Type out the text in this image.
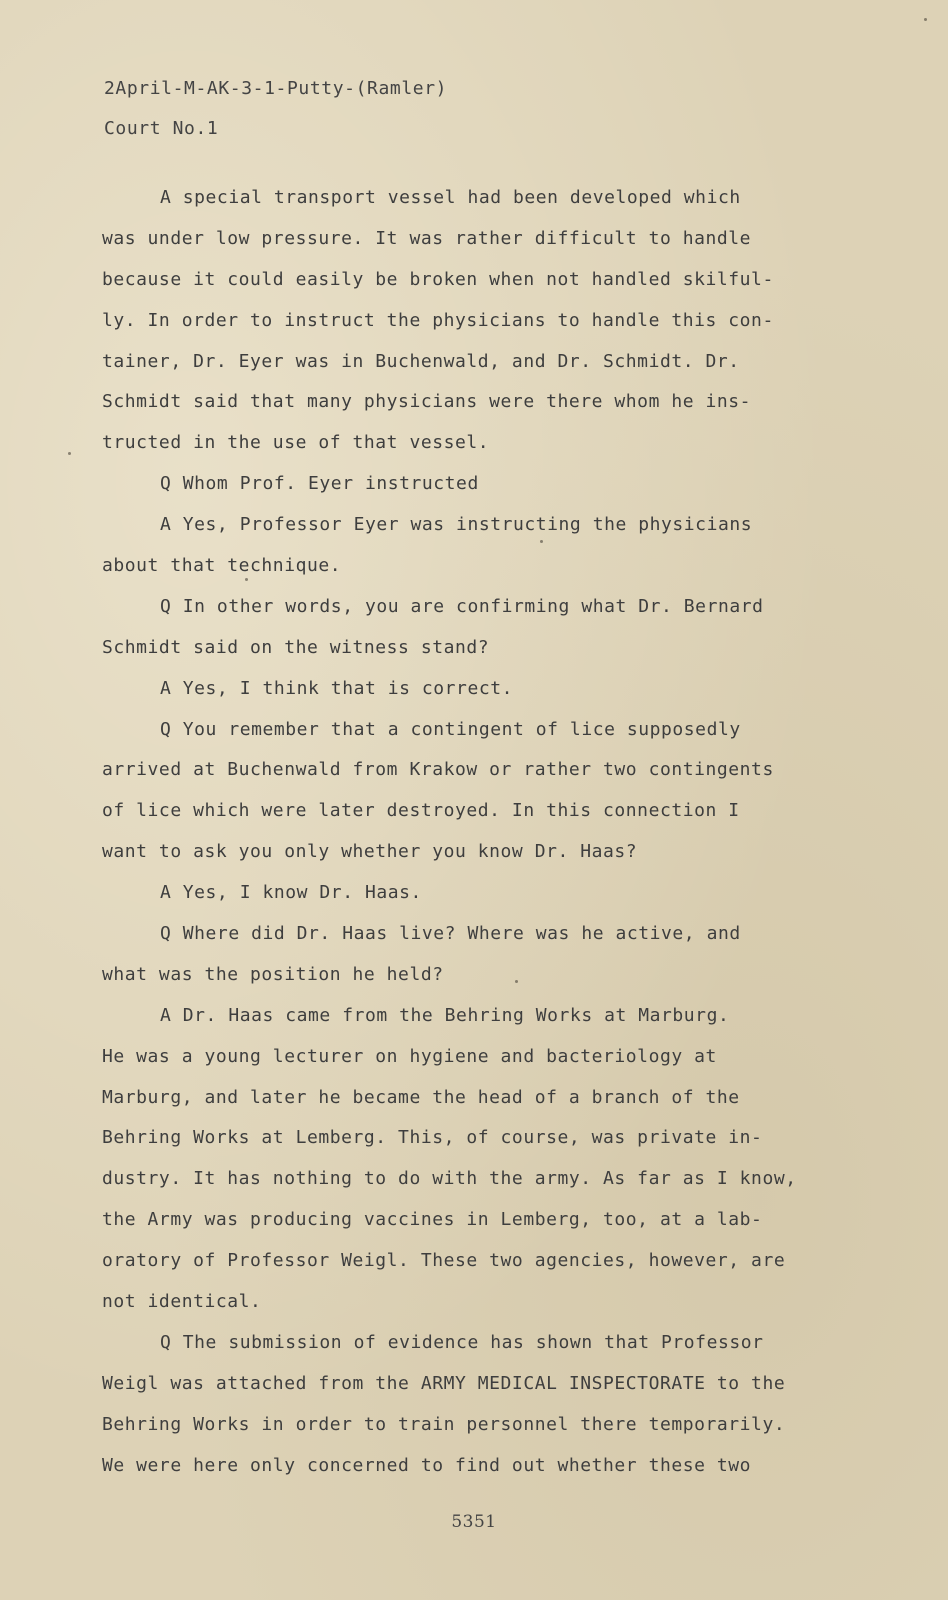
2April-M-AK-3-1-Putty-(Ramler)
Court No.1
A special transport vessel had been developed which
was under low pressure. It was rather difficult to handle
because it could easily be broken when not handled skilful-
ly. In order to instruct the physicians to handle this con-
tainer, Dr. Eyer was in Buchenwald, and Dr. Schmidt. Dr.
Schmidt said that many physicians were there whom he ins-
tructed in the use of that vessel.
Q Whom Prof. Eyer instructed
A Yes, Professor Eyer was instructing the physicians
about that technique.
Q In other words, you are confirming what Dr. Bernard
Schmidt said on the witness stand?
A Yes, I think that is correct.
Q You remember that a contingent of lice supposedly
arrived at Buchenwald from Krakow or rather two contingents
of lice which were later destroyed. In this connection I
want to ask you only whether you know Dr. Haas?
A Yes, I know Dr. Haas.
Q Where did Dr. Haas live? Where was he active, and
what was the position he held?
A Dr. Haas came from the Behring Works at Marburg.
He was a young lecturer on hygiene and bacteriology at
Marburg, and later he became the head of a branch of the
Behring Works at Lemberg. This, of course, was private in-
dustry. It has nothing to do with the army. As far as I know,
the Army was producing vaccines in Lemberg, too, at a lab-
oratory of Professor Weigl. These two agencies, however, are
not identical.
Q The submission of evidence has shown that Professor
Weigl was attached from the ARMY MEDICAL INSPECTORATE to the
Behring Works in order to train personnel there temporarily.
We were here only concerned to find out whether these two
5351
